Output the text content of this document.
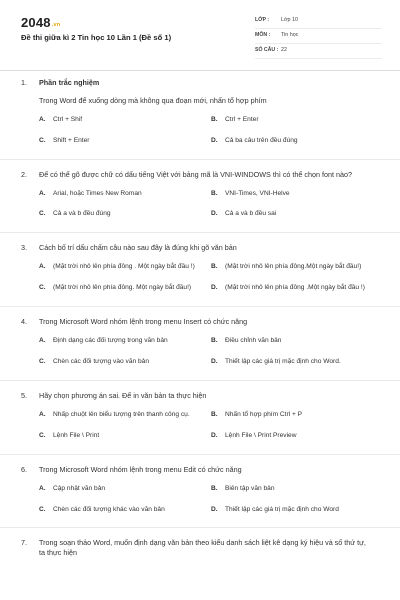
2048.vn
Đề thi giữa kì 2 Tin học 10 Lần 1 (Đề số 1)
LỚP :	Lớp 10
MÔN :	Tin học
SỐ CÂU : 22
1. Phần trắc nghiệm
Trong Word để xuống dòng mà không qua đoạn mới, nhấn tổ hợp phím
A.	Ctrl + Shif	B.	Ctrl + Enter
C.	Shift + Enter	D.	Cả ba câu trên đều đúng
2. Để có thể gõ được chữ có dấu tiếng Việt với bảng mã là VNI-WINDOWS thì có thể chọn font nào?
A.	Arial, hoặc Times New Roman	B.	VNI-Times, VNI-Helve
C.	Cả a và b đều đúng	D.	Cả a và b đều sai
3. Cách bố trí dấu chấm câu nào sau đây là đúng khi gõ văn bản
A.	(Mặt trời nhô lên phía đông . Một ngày bắt đầu !)	B.	(Mặt trời nhô lên phía đông.Một ngày bắt đầu!)
C.	(Mặt trời nhô lên phía đông. Một ngày bắt đầu!)	D.	(Mặt trời nhô lên phía đông .Một ngày bắt đầu !)
4. Trong Microsoft Word nhóm lệnh trong menu Insert có chức năng
A.	Định dạng các đối tượng trong văn bản	B.	Điều chỉnh văn bản
C.	Chèn các đối tượng vào văn bản	D.	Thiết lập các giá trị mặc định cho Word.
5. Hãy chọn phương án sai. Để in văn bản ta thực hiện
A.	Nhấp chuột lên biểu tượng trên thanh công cụ.	B.	Nhấn tổ hợp phím Ctrl + P
C.	Lệnh File \ Print	D.	Lệnh File \ Print Preview
6. Trong Microsoft Word nhóm lệnh trong menu Edit có chức năng
A.	Cập nhật văn bản	B.	Biên tập văn bản
C.	Chèn các đối tượng khác vào văn bản	D.	Thiết lập các giá trị mặc định cho Word
7. Trong soạn thảo Word, muốn định dạng văn bản theo kiểu danh sách liệt kê dạng ký hiệu và số thứ tự, ta thực hiện
